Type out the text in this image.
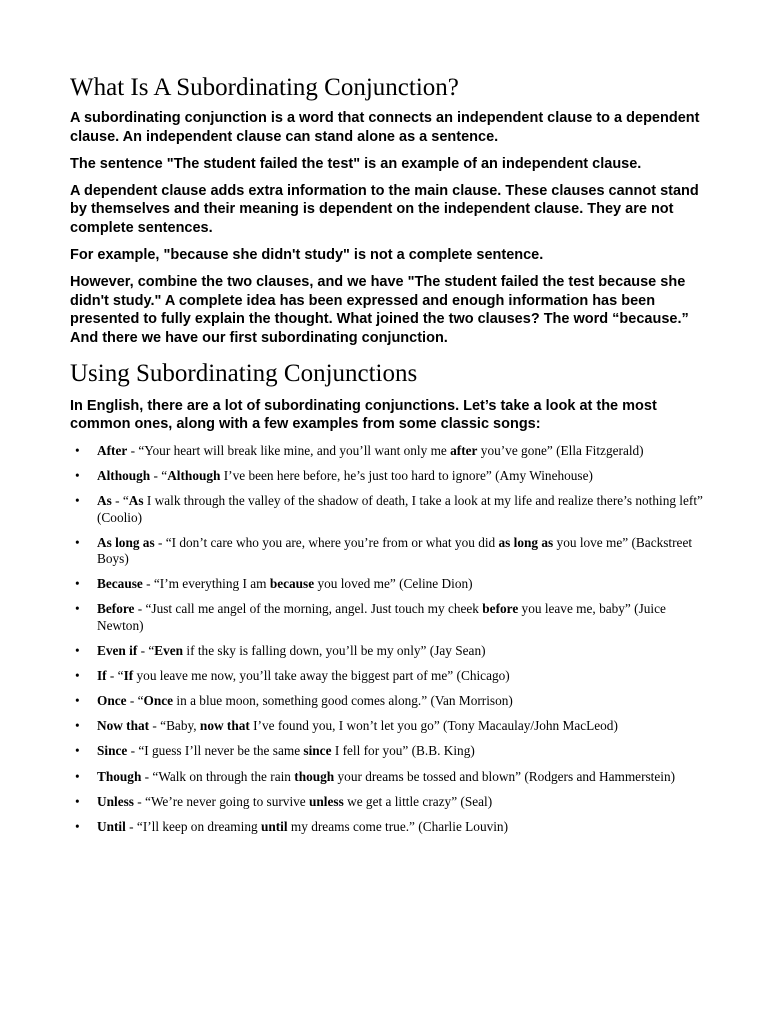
What Is A Subordinating Conjunction?

A subordinating conjunction is a word that connects an independent clause to a dependent clause. An independent clause can stand alone as a sentence.

The sentence "The student failed the test" is an example of an independent clause.

A dependent clause adds extra information to the main clause. These clauses cannot stand by themselves and their meaning is dependent on the independent clause. They are not complete sentences.

For example, "because she didn't study" is not a complete sentence.

However, combine the two clauses, and we have "The student failed the test because she didn't study." A complete idea has been expressed and enough information has been presented to fully explain the thought. What joined the two clauses? The word “because.” And there we have our first subordinating conjunction.

Using Subordinating Conjunctions

In English, there are a lot of subordinating conjunctions. Let’s take a look at the most common ones, along with a few examples from some classic songs:

• After - “Your heart will break like mine, and you’ll want only me after you’ve gone” (Ella Fitzgerald)
• Although - “Although I’ve been here before, he’s just too hard to ignore” (Amy Winehouse)
• As - “As I walk through the valley of the shadow of death, I take a look at my life and realize there’s nothing left” (Coolio)
• As long as - “I don’t care who you are, where you’re from or what you did as long as you love me” (Backstreet Boys)
• Because - “I’m everything I am because you loved me” (Celine Dion)
• Before - “Just call me angel of the morning, angel. Just touch my cheek before you leave me, baby” (Juice Newton)
• Even if - “Even if the sky is falling down, you’ll be my only” (Jay Sean)
• If - “If you leave me now, you’ll take away the biggest part of me” (Chicago)
• Once - “Once in a blue moon, something good comes along.” (Van Morrison)
• Now that - “Baby, now that I’ve found you, I won’t let you go” (Tony Macaulay/John MacLeod)
• Since - “I guess I’ll never be the same since I fell for you” (B.B. King)
• Though - “Walk on through the rain though your dreams be tossed and blown” (Rodgers and Hammerstein)
• Unless - “We’re never going to survive unless we get a little crazy” (Seal)
• Until - “I’ll keep on dreaming until my dreams come true.” (Charlie Louvin)
